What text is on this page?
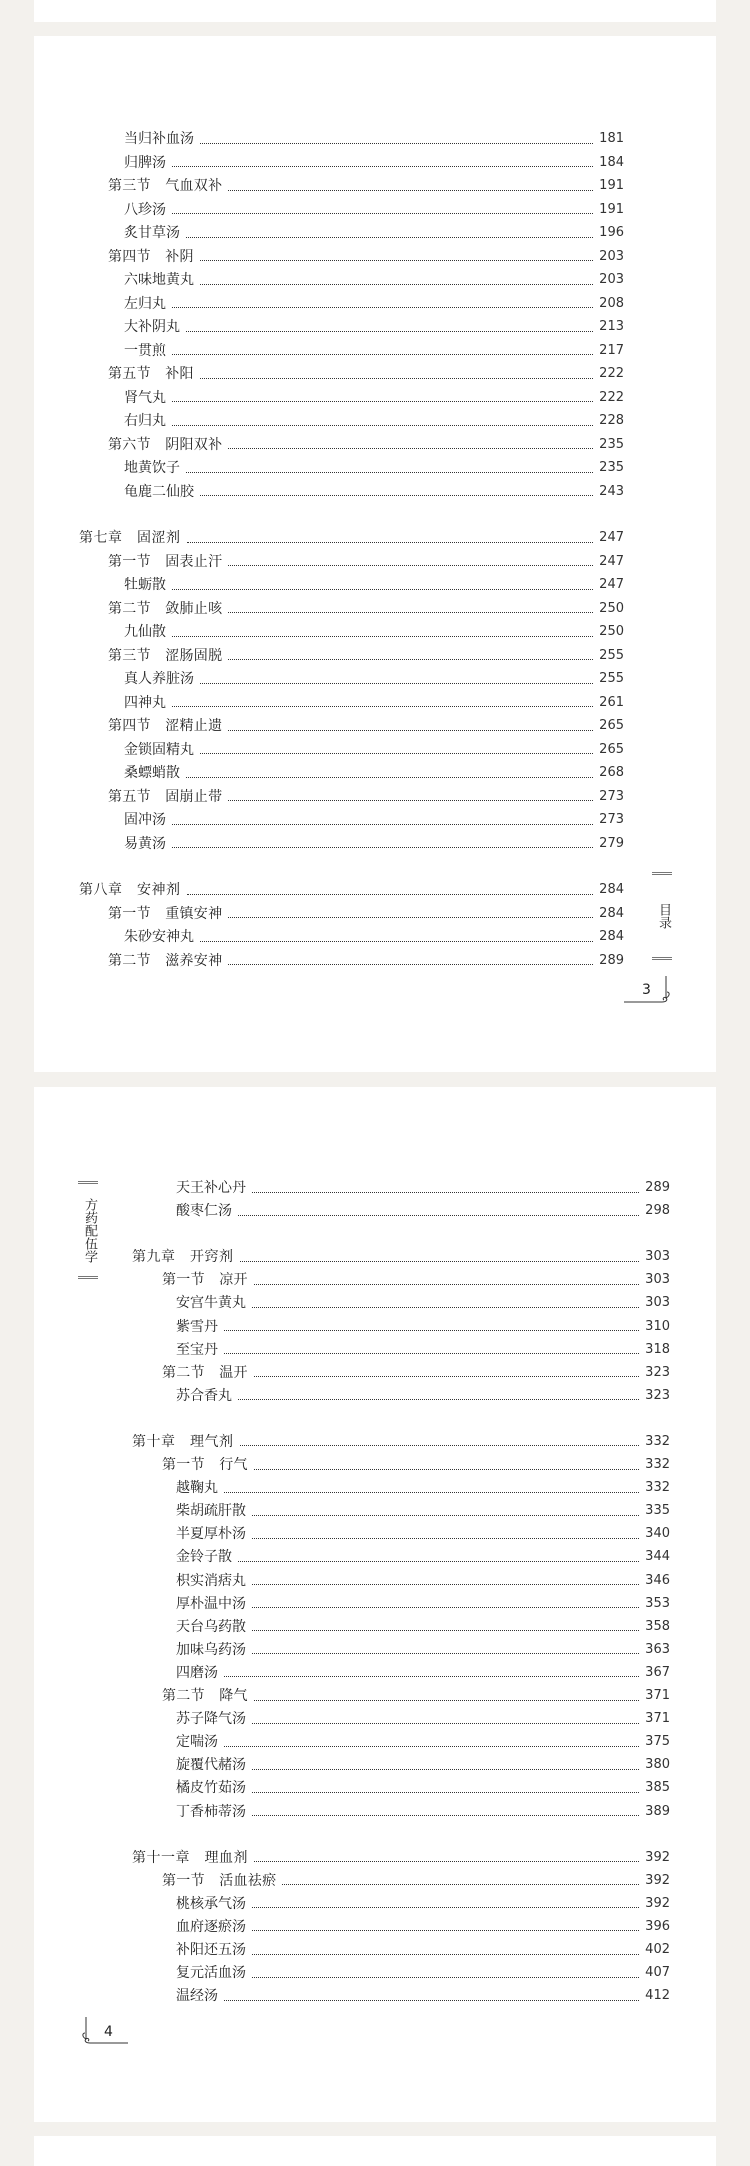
当归补血汤	181
归脾汤	184
第三节　气血双补	191
八珍汤	191
炙甘草汤	196
第四节　补阴	203
六味地黄丸	203
左归丸	208
大补阴丸	213
一贯煎	217
第五节　补阳	222
肾气丸	222
右归丸	228
第六节　阴阳双补	235
地黄饮子	235
龟鹿二仙胶	243
第七章　固涩剂	247
第一节　固表止汗	247
牡蛎散	247
第二节　敛肺止咳	250
九仙散	250
第三节　涩肠固脱	255
真人养脏汤	255
四神丸	261
第四节　涩精止遗	265
金锁固精丸	265
桑螵蛸散	268
第五节　固崩止带	273
固冲汤	273
易黄汤	279
第八章　安神剂	284
第一节　重镇安神	284
朱砂安神丸	284
第二节　滋养安神	289
目录
3
天王补心丹	289
酸枣仁汤	298
第九章　开窍剂	303
第一节　凉开	303
安宫牛黄丸	303
紫雪丹	310
至宝丹	318
第二节　温开	323
苏合香丸	323
第十章　理气剂	332
第一节　行气	332
越鞠丸	332
柴胡疏肝散	335
半夏厚朴汤	340
金铃子散	344
枳实消痞丸	346
厚朴温中汤	353
天台乌药散	358
加味乌药汤	363
四磨汤	367
第二节　降气	371
苏子降气汤	371
定喘汤	375
旋覆代赭汤	380
橘皮竹茹汤	385
丁香柿蒂汤	389
第十一章　理血剂	392
第一节　活血祛瘀	392
桃核承气汤	392
血府逐瘀汤	396
补阳还五汤	402
复元活血汤	407
温经汤	412
方药配伍学
4
